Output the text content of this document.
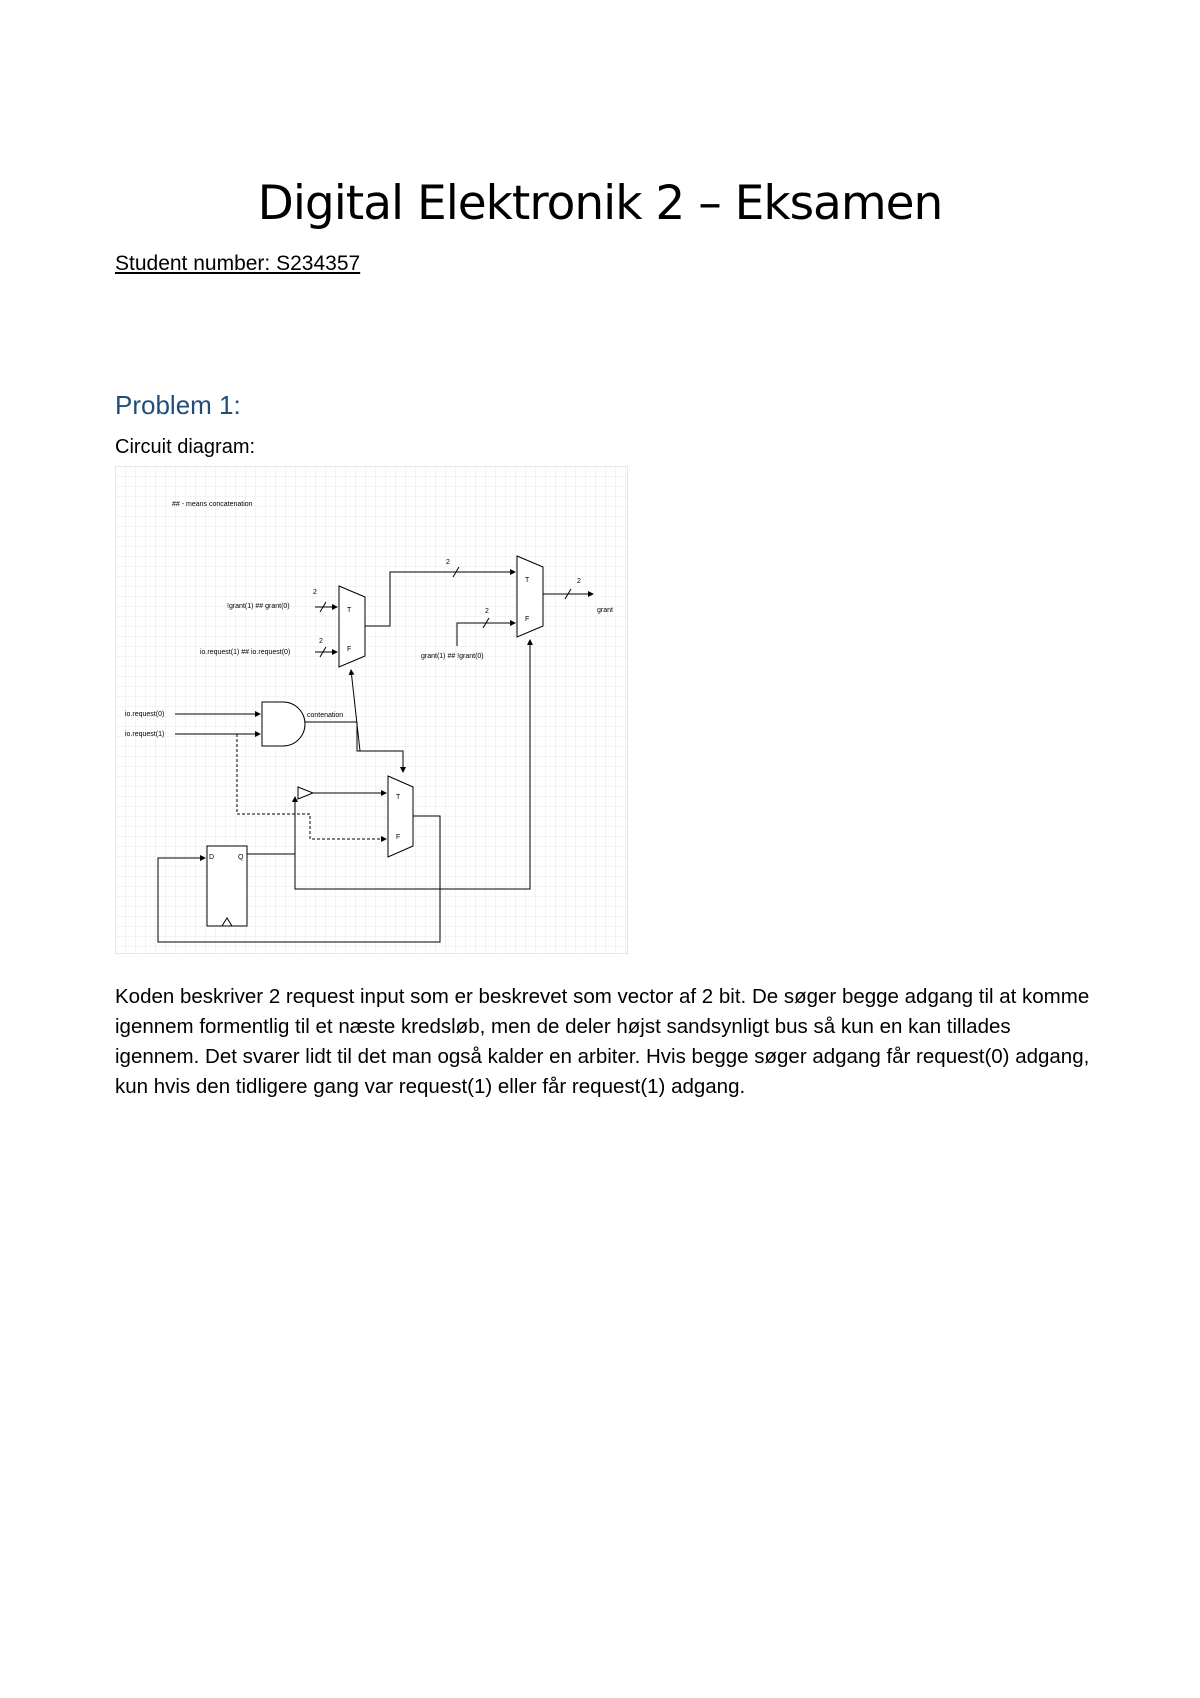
Digital Elektronik 2 – Eksamen

Student number: S234357

Problem 1:

Circuit diagram:

## - means concatenation
T
F
2
!grant(1) ## grant(0)
2
io.request(1) ## io.request(0)
T
F
2
2
grant(1) ## !grant(0)
2
grant
io.request(0)
io.request(1)
contenation
T
F
D	Q

Koden beskriver 2 request input som er beskrevet som vector af 2 bit. De søger begge adgang til at komme igennem formentlig til et næste kredsløb, men de deler højst sandsynligt bus så kun en kan tillades igennem. Det svarer lidt til det man også kalder en arbiter. Hvis begge søger adgang får request(0) adgang, kun hvis den tidligere gang var request(1) eller får request(1) adgang.
